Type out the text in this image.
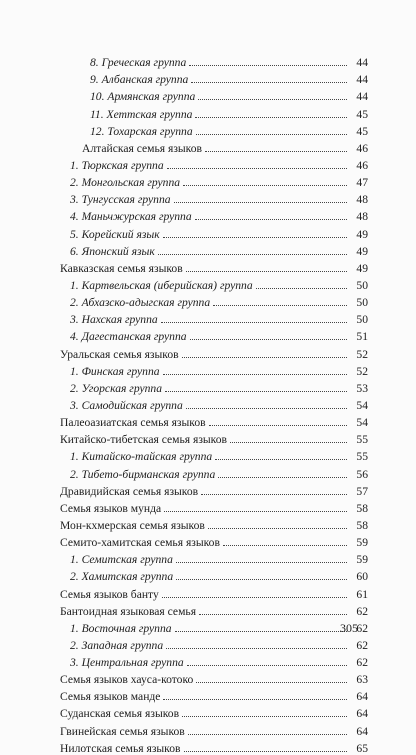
8. Греческая группа	44
9. Албанская группа	44
10. Армянская группа	44
11. Хеттская группа	45
12. Тохарская группа	45
Алтайская семья языков	46
1. Тюркская группа	46
2. Монгольская группа	47
3. Тунгусская группа	48
4. Маньчжурская группа	48
5. Корейский язык	49
6. Японский язык	49
Кавказская семья языков	49
1. Картвельская (иберийская) группа	50
2. Абхазско-адыгская группа	50
3. Нахская группа	50
4. Дагестанская группа	51
Уральская семья языков	52
1. Финская группа	52
2. Угорская группа	53
3. Самодийская группа	54
Палеоазиатская семья языков	54
Китайско-тибетская семья языков	55
1. Китайско-тайская группа	55
2. Тибето-бирманская группа	56
Дравидийская семья языков	57
Семья языков мунда	58
Мон-кхмерская семья языков	58
Семито-хамитская семья языков	59
1. Семитская группа	59
2. Хамитская группа	60
Семья языков банту	61
Бантоидная языковая семья	62
1. Восточная группа	62
2. Западная группа	62
3. Центральная группа	62
Семья языков хауса-котоко	63
Семья языков манде	64
Суданская семья языков	64
Гвинейская семья языков	64
Нилотская семья языков	65
305
